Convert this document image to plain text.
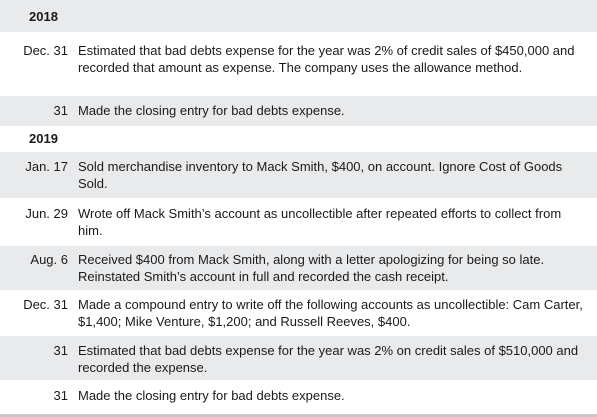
2018
Dec. 31 Estimated that bad debts expense for the year was 2% of credit sales of $450,000 and recorded that amount as expense. The company uses the allowance method.
31 Made the closing entry for bad debts expense.
2019
Jan. 17 Sold merchandise inventory to Mack Smith, $400, on account. Ignore Cost of Goods Sold.
Jun. 29 Wrote off Mack Smith’s account as uncollectible after repeated efforts to collect from him.
Aug. 6 Received $400 from Mack Smith, along with a letter apologizing for being so late. Reinstated Smith’s account in full and recorded the cash receipt.
Dec. 31 Made a compound entry to write off the following accounts as uncollectible: Cam Carter, $1,400; Mike Venture, $1,200; and Russell Reeves, $400.
31 Estimated that bad debts expense for the year was 2% on credit sales of $510,000 and recorded the expense.
31 Made the closing entry for bad debts expense.
